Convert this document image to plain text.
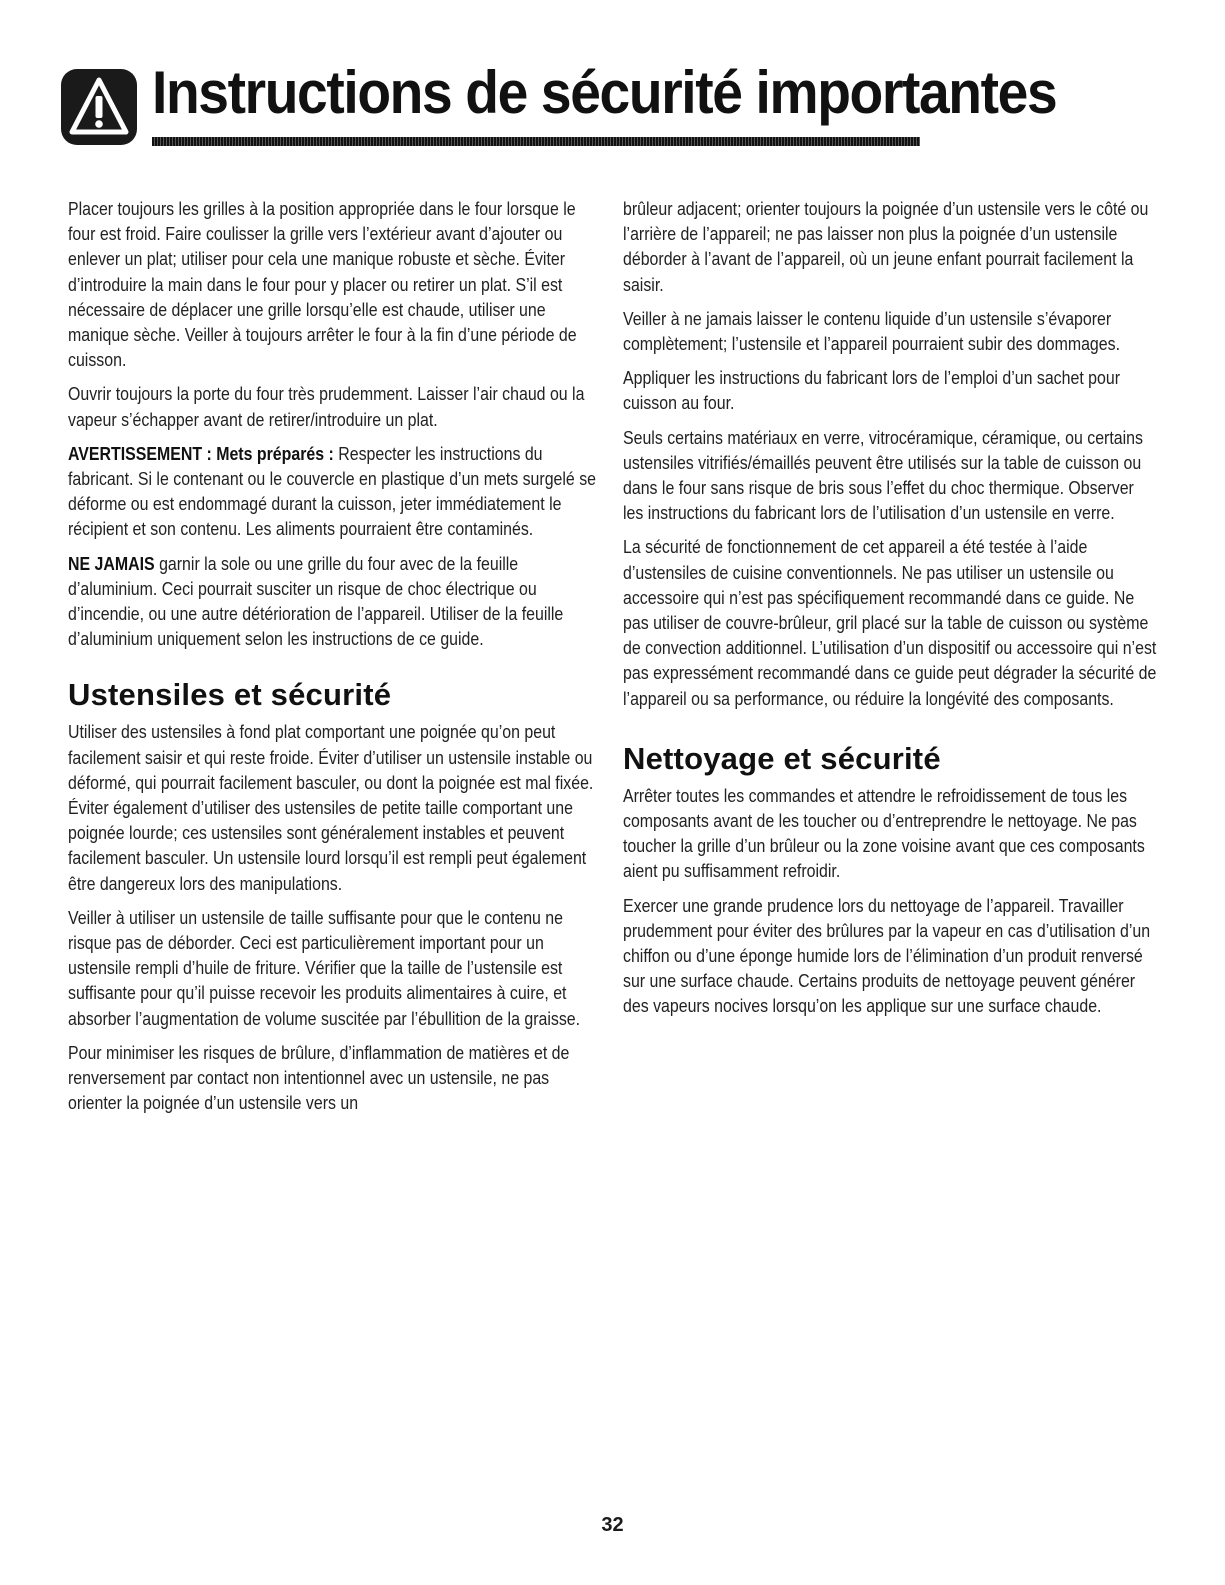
Instructions de sécurité importantes

Placer toujours les grilles à la position appropriée dans le four lorsque le four est froid. Faire coulisser la grille vers l’extérieur avant d’ajouter ou enlever un plat; utiliser pour cela une manique robuste et sèche. Éviter d’introduire la main dans le four pour y placer ou retirer un plat. S’il est nécessaire de déplacer une grille lorsqu’elle est chaude, utiliser une manique sèche. Veiller à toujours arrêter le four à la fin d’une période de cuisson.

Ouvrir toujours la porte du four très prudemment. Laisser l’air chaud ou la vapeur s’échapper avant de retirer/introduire un plat.

AVERTISSEMENT : Mets préparés : Respecter les instructions du fabricant. Si le contenant ou le couvercle en plastique d’un mets surgelé se déforme ou est endommagé durant la cuisson, jeter immédiatement le récipient et son contenu. Les aliments pourraient être contaminés.

NE JAMAIS garnir la sole ou une grille du four avec de la feuille d’aluminium. Ceci pourrait susciter un risque de choc électrique ou d’incendie, ou une autre détérioration de l’appareil. Utiliser de la feuille d’aluminium uniquement selon les instructions de ce guide.

Ustensiles et sécurité

Utiliser des ustensiles à fond plat comportant une poignée qu’on peut facilement saisir et qui reste froide. Éviter d’utiliser un ustensile instable ou déformé, qui pourrait facilement basculer, ou dont la poignée est mal fixée. Éviter également d’utiliser des ustensiles de petite taille comportant une poignée lourde; ces ustensiles sont généralement instables et peuvent facilement basculer. Un ustensile lourd lorsqu’il est rempli peut également être dangereux lors des manipulations.

Veiller à utiliser un ustensile de taille suffisante pour que le contenu ne risque pas de déborder. Ceci est particulièrement important pour un ustensile rempli d’huile de friture. Vérifier que la taille de l’ustensile est suffisante pour qu’il puisse recevoir les produits alimentaires à cuire, et absorber l’augmentation de volume suscitée par l’ébullition de la graisse.

Pour minimiser les risques de brûlure, d’inflammation de matières et de renversement par contact non intentionnel avec un ustensile, ne pas orienter la poignée d’un ustensile vers un

brûleur adjacent; orienter toujours la poignée d’un ustensile vers le côté ou l’arrière de l’appareil; ne pas laisser non plus la poignée d’un ustensile déborder à l’avant de l’appareil, où un jeune enfant pourrait facilement la saisir.

Veiller à ne jamais laisser le contenu liquide d’un ustensile s’évaporer complètement; l’ustensile et l’appareil pourraient subir des dommages.

Appliquer les instructions du fabricant lors de l’emploi d’un sachet pour cuisson au four.

Seuls certains matériaux en verre, vitrocéramique, céramique, ou certains ustensiles vitrifiés/émaillés peuvent être utilisés sur la table de cuisson ou dans le four sans risque de bris sous l’effet du choc thermique. Observer les instructions du fabricant lors de l’utilisation d’un ustensile en verre.

La sécurité de fonctionnement de cet appareil a été testée à l’aide d’ustensiles de cuisine conventionnels. Ne pas utiliser un ustensile ou accessoire qui n’est pas spécifiquement recommandé dans ce guide. Ne pas utiliser de couvre-brûleur, gril placé sur la table de cuisson ou système de convection additionnel. L’utilisation d’un dispositif ou accessoire qui n’est pas expressément recommandé dans ce guide peut dégrader la sécurité de l’appareil ou sa performance, ou réduire la longévité des composants.

Nettoyage et sécurité

Arrêter toutes les commandes et attendre le refroidissement de tous les composants avant de les toucher ou d’entreprendre le nettoyage. Ne pas toucher la grille d’un brûleur ou la zone voisine avant que ces composants aient pu suffisamment refroidir.

Exercer une grande prudence lors du nettoyage de l’appareil. Travailler prudemment pour éviter des brûlures par la vapeur en cas d’utilisation d’un chiffon ou d’une éponge humide lors de l’élimination d’un produit renversé sur une surface chaude. Certains produits de nettoyage peuvent générer des vapeurs nocives lorsqu’on les applique sur une surface chaude.

32
